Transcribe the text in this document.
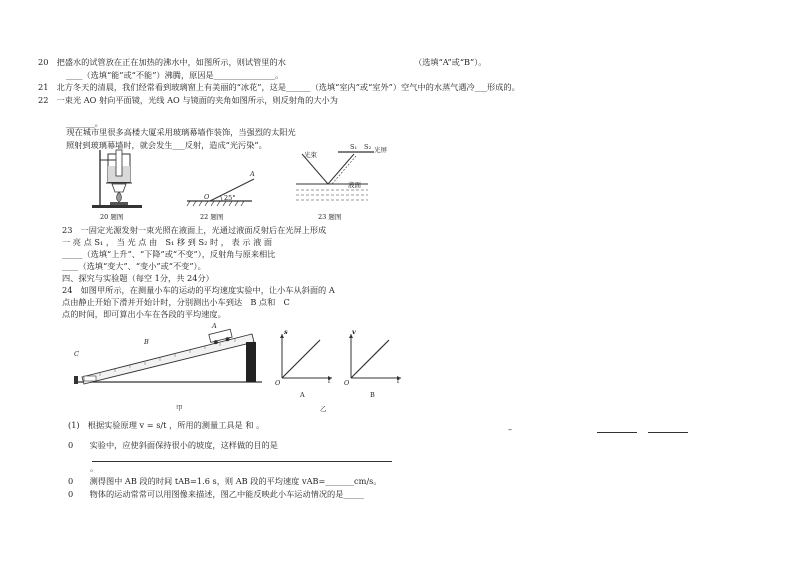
20　把盛水的试管放在正在加热的沸水中，如图所示，则试管里的水
____（选填“能”或“不能”）沸腾，原因是_______________。
21　北方冬天的清晨，我们经常看到玻璃窗上有美丽的“冰花”，这是______（选填“室内”或“室外”）空气中的水蒸气遇冷___形成的。
22　一束光 AO 射向平面镜，光线 AO 与镜面的夹角如图所示，则反射角的大小为
_______。
　　现在城市里很多高楼大厦采用玻璃幕墙作装饰，当强烈的太阳光
照射到玻璃幕墙时，就会发生___反射，造成“光污染”。
（选填“A”或“B”）。
20 题图
A
O 25°
22 题图
光束
S₁ S₂ 光屏
液面
23 题图
23　一固定光源发射一束光照在液面上，光通过液面反射后在光屏上形成
一 亮 点 S₁ ， 当 光 点 由　S₁ 移 到 S₂ 时 ， 表 示 液 面
_____（选填“上升”、“下降”或“不变”），反射角与原来相比
____（选填“变大”、“变小”或“不变”）。
四、探究与实验题（每空 1分，共 24分）
24　如图甲所示，在测量小车的运动的平均速度实验中，让小车从斜面的 A
点由静止开始下滑并开始计时，分别测出小车到达　B 点和　C
点的时间，即可算出小车在各段的平均速度。
A
B
C
甲
s
O	t
A
v
O	t
B
乙
(1)　根据实验原理 v = s/t ，所用的测量工具是 和 。
0　　实验中，应使斜面保持很小的坡度，这样做的目的是
。
0　　测得图中 AB 段的时间 tAB=1.6 s，则 AB 段的平均速度 vAB=_______cm/s。
0　　物体的运动常常可以用图像来描述，图乙中能反映此小车运动情况的是_____
–
